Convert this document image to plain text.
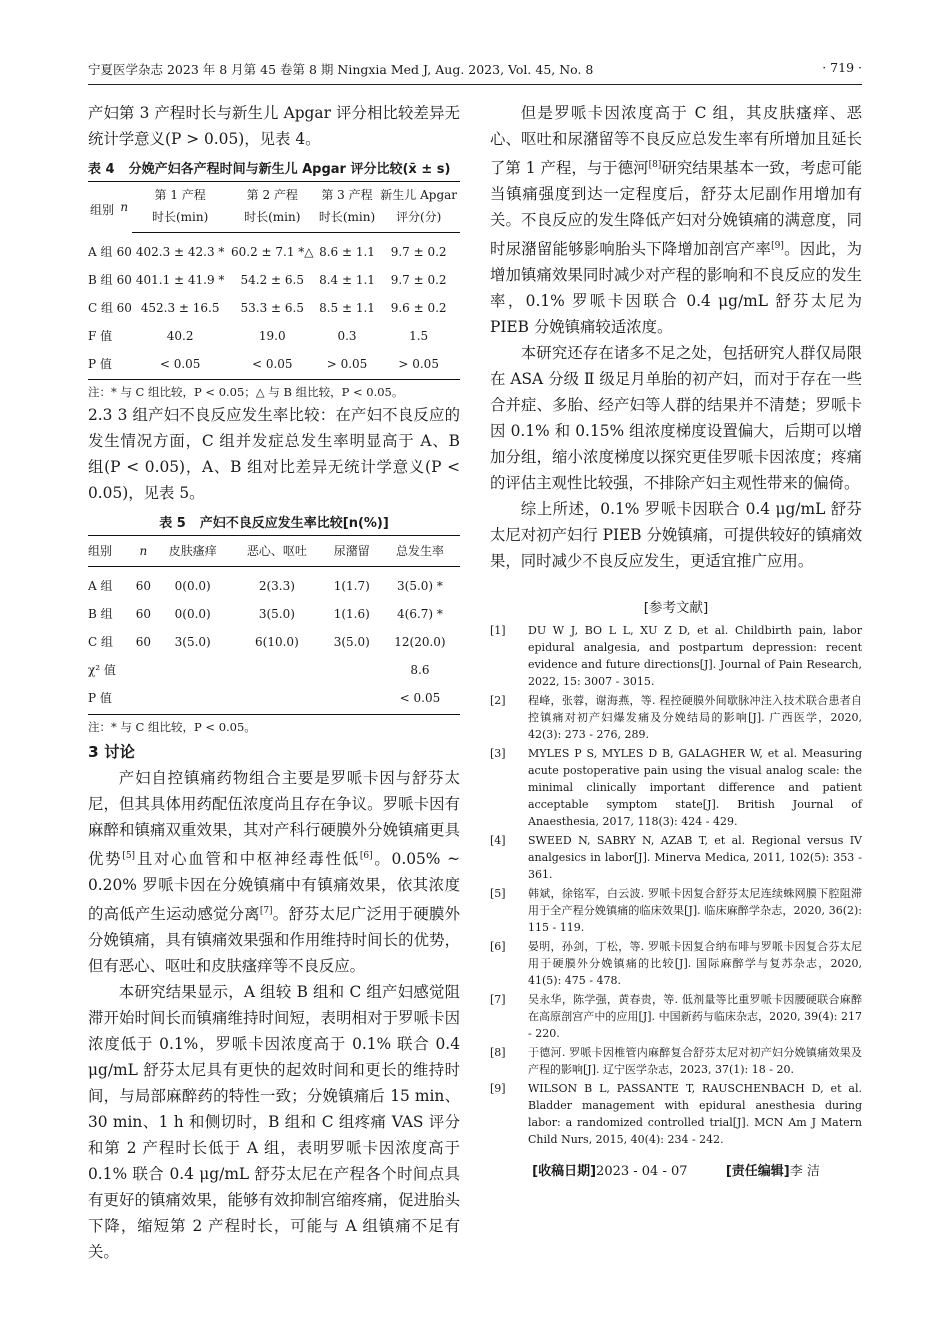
宁夏医学杂志 2023 年 8 月第 45 卷第 8 期 Ningxia Med J, Aug. 2023, Vol. 45, No. 8	· 719 ·

产妇第 3 产程时长与新生儿 Apgar 评分相比较差异无统计学意义(P > 0.05)，见表 4。

表 4 分娩产妇各产程时间与新生儿 Apgar 评分比较(x̄ ± s)
组别	n	第 1 产程	第 2 产程	第 3 产程	新生儿 Apgar
		时长(min)	时长(min)	时长(min)	评分(分)
A 组	60	402.3 ± 42.3 *	60.2 ± 7.1 *△	8.6 ± 1.1	9.7 ± 0.2
B 组	60	401.1 ± 41.9 *	54.2 ± 6.5	8.4 ± 1.1	9.7 ± 0.2
C 组	60	452.3 ± 16.5	53.3 ± 6.5	8.5 ± 1.1	9.6 ± 0.2
F 值		40.2	19.0	0.3	1.5
P 值		< 0.05	< 0.05	> 0.05	> 0.05
注：* 与 C 组比较，P < 0.05；△ 与 B 组比较，P < 0.05。

2.3 3 组产妇不良反应发生率比较：在产妇不良反应的发生情况方面，C 组并发症总发生率明显高于 A、B 组(P < 0.05)，A、B 组对比差异无统计学意义(P < 0.05)，见表 5。

表 5 产妇不良反应发生率比较[n(%)]
组别	n	皮肤瘙痒	恶心、呕吐	尿潴留	总发生率
A 组	60	0(0.0)	2(3.3)	1(1.7)	3(5.0) *
B 组	60	0(0.0)	3(5.0)	1(1.6)	4(6.7) *
C 组	60	3(5.0)	6(10.0)	3(5.0)	12(20.0)
χ² 值					8.6
P 值					< 0.05
注：* 与 C 组比较，P < 0.05。

3 讨论

产妇自控镇痛药物组合主要是罗哌卡因与舒芬太尼，但其具体用药配伍浓度尚且存在争议。罗哌卡因有麻醉和镇痛双重效果，其对产科行硬膜外分娩镇痛更具优势[5]且对心血管和中枢神经毒性低[6]。0.05% ~ 0.20% 罗哌卡因在分娩镇痛中有镇痛效果，依其浓度的高低产生运动感觉分离[7]。舒芬太尼广泛用于硬膜外分娩镇痛，具有镇痛效果强和作用维持时间长的优势，但有恶心、呕吐和皮肤瘙痒等不良反应。

本研究结果显示，A 组较 B 组和 C 组产妇感觉阻滞开始时间长而镇痛维持时间短，表明相对于罗哌卡因浓度低于 0.1%，罗哌卡因浓度高于 0.1% 联合 0.4 μg/mL 舒芬太尼具有更快的起效时间和更长的维持时间，与局部麻醉药的特性一致；分娩镇痛后 15 min、30 min、1 h 和侧切时，B 组和 C 组疼痛 VAS 评分和第 2 产程时长低于 A 组，表明罗哌卡因浓度高于 0.1% 联合 0.4 μg/mL 舒芬太尼在产程各个时间点具有更好的镇痛效果，能够有效抑制宫缩疼痛，促进胎头下降，缩短第 2 产程时长，可能与 A 组镇痛不足有关。

但是罗哌卡因浓度高于 C 组，其皮肤瘙痒、恶心、呕吐和尿潴留等不良反应总发生率有所增加且延长了第 1 产程，与于德河[8]研究结果基本一致，考虑可能当镇痛强度到达一定程度后，舒芬太尼副作用增加有关。不良反应的发生降低产妇对分娩镇痛的满意度，同时尿潴留能够影响胎头下降增加剖宫产率[9]。因此，为增加镇痛效果同时减少对产程的影响和不良反应的发生率，0.1% 罗哌卡因联合 0.4 μg/mL 舒芬太尼为 PIEB 分娩镇痛较适浓度。

本研究还存在诸多不足之处，包括研究人群仅局限在 ASA 分级 Ⅱ 级足月单胎的初产妇，而对于存在一些合并症、多胎、经产妇等人群的结果并不清楚；罗哌卡因 0.1% 和 0.15% 组浓度梯度设置偏大，后期可以增加分组，缩小浓度梯度以探究更佳罗哌卡因浓度；疼痛的评估主观性比较强，不排除产妇主观性带来的偏倚。

综上所述，0.1% 罗哌卡因联合 0.4 μg/mL 舒芬太尼对初产妇行 PIEB 分娩镇痛，可提供较好的镇痛效果，同时减少不良反应发生，更适宜推广应用。

[参考文献]
[1]	DU W J, BO L L, XU Z D, et al. Childbirth pain, labor epidural analgesia, and postpartum depression: recent evidence and future directions[J]. Journal of Pain Research, 2022, 15: 3007 - 3015.
[2]	程峰，张蓉，谢海燕，等. 程控硬膜外间歇脉冲注入技术联合患者自控镇痛对初产妇爆发痛及分娩结局的影响[J]. 广西医学，2020, 42(3): 273 - 276, 289.
[3]	MYLES P S, MYLES D B, GALAGHER W, et al. Measuring acute postoperative pain using the visual analog scale: the minimal clinically important difference and patient acceptable symptom state[J]. British Journal of Anaesthesia, 2017, 118(3): 424 - 429.
[4]	SWEED N, SABRY N, AZAB T, et al. Regional versus IV analgesics in labor[J]. Minerva Medica, 2011, 102(5): 353 - 361.
[5]	韩斌，徐铭军，白云波. 罗哌卡因复合舒芬太尼连续蛛网膜下腔阻滞用于全产程分娩镇痛的临床效果[J]. 临床麻醉学杂志，2020, 36(2): 115 - 119.
[6]	晏明，孙剑，丁松，等. 罗哌卡因复合纳布啡与罗哌卡因复合芬太尼用于硬膜外分娩镇痛的比较[J]. 国际麻醉学与复苏杂志，2020, 41(5): 475 - 478.
[7]	吴永华，陈学强，黄春贵，等. 低剂量等比重罗哌卡因腰硬联合麻醉在高原剖宫产中的应用[J]. 中国新药与临床杂志，2020, 39(4): 217 - 220.
[8]	于德河. 罗哌卡因椎管内麻醉复合舒芬太尼对初产妇分娩镇痛效果及产程的影响[J]. 辽宁医学杂志，2023, 37(1): 18 - 20.
[9]	WILSON B L, PASSANTE T, RAUSCHENBACH D, et al. Bladder management with epidural anesthesia during labor: a randomized controlled trial[J]. MCN Am J Matern Child Nurs, 2015, 40(4): 234 - 242.
[收稿日期]2023 - 04 - 07	[责任编辑]李 洁
